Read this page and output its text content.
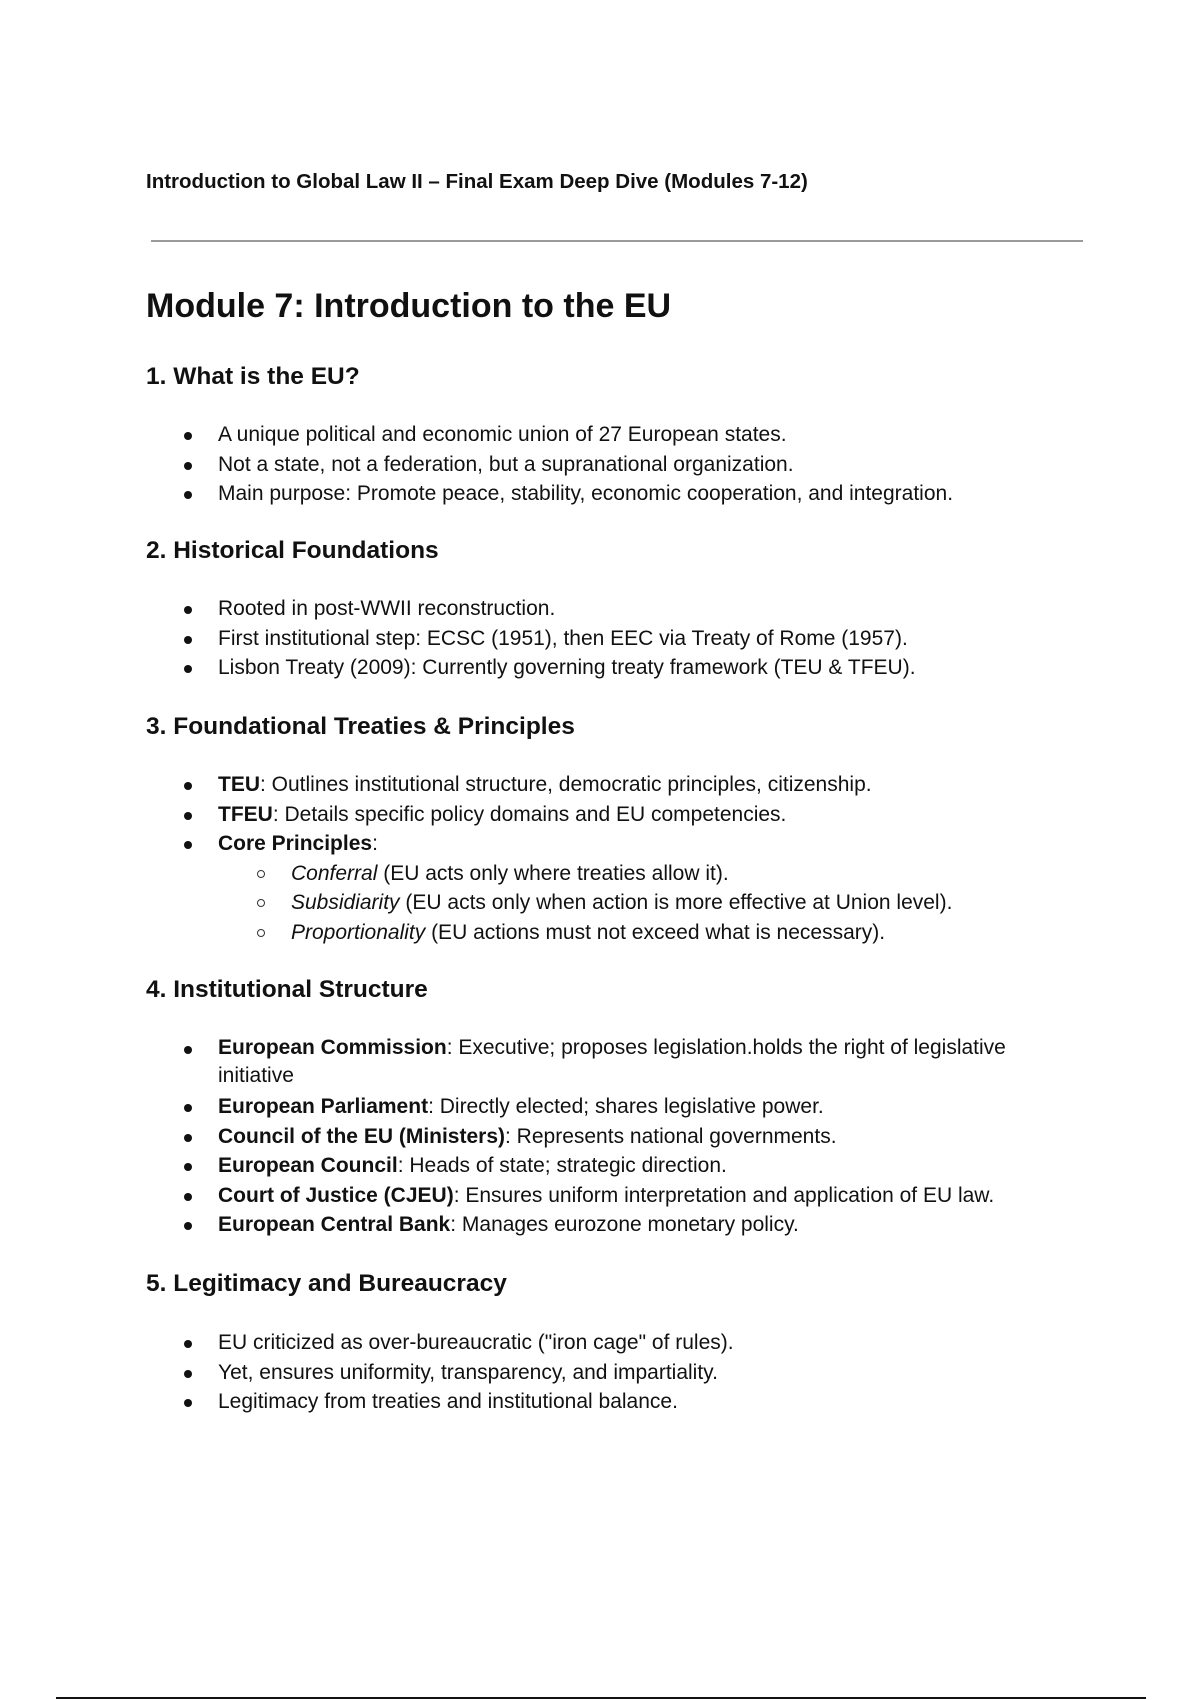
Introduction to Global Law II – Final Exam Deep Dive (Modules 7-12)
Module 7: Introduction to the EU
1. What is the EU?
A unique political and economic union of 27 European states.
Not a state, not a federation, but a supranational organization.
Main purpose: Promote peace, stability, economic cooperation, and integration.
2. Historical Foundations
Rooted in post-WWII reconstruction.
First institutional step: ECSC (1951), then EEC via Treaty of Rome (1957).
Lisbon Treaty (2009): Currently governing treaty framework (TEU & TFEU).
3. Foundational Treaties & Principles
TEU: Outlines institutional structure, democratic principles, citizenship.
TFEU: Details specific policy domains and EU competencies.
Core Principles:
Conferral (EU acts only where treaties allow it).
Subsidiarity (EU acts only when action is more effective at Union level).
Proportionality (EU actions must not exceed what is necessary).
4. Institutional Structure
European Commission: Executive; proposes legislation.holds the right of legislative initiative
European Parliament: Directly elected; shares legislative power.
Council of the EU (Ministers): Represents national governments.
European Council: Heads of state; strategic direction.
Court of Justice (CJEU): Ensures uniform interpretation and application of EU law.
European Central Bank: Manages eurozone monetary policy.
5. Legitimacy and Bureaucracy
EU criticized as over-bureaucratic ("iron cage" of rules).
Yet, ensures uniformity, transparency, and impartiality.
Legitimacy from treaties and institutional balance.
